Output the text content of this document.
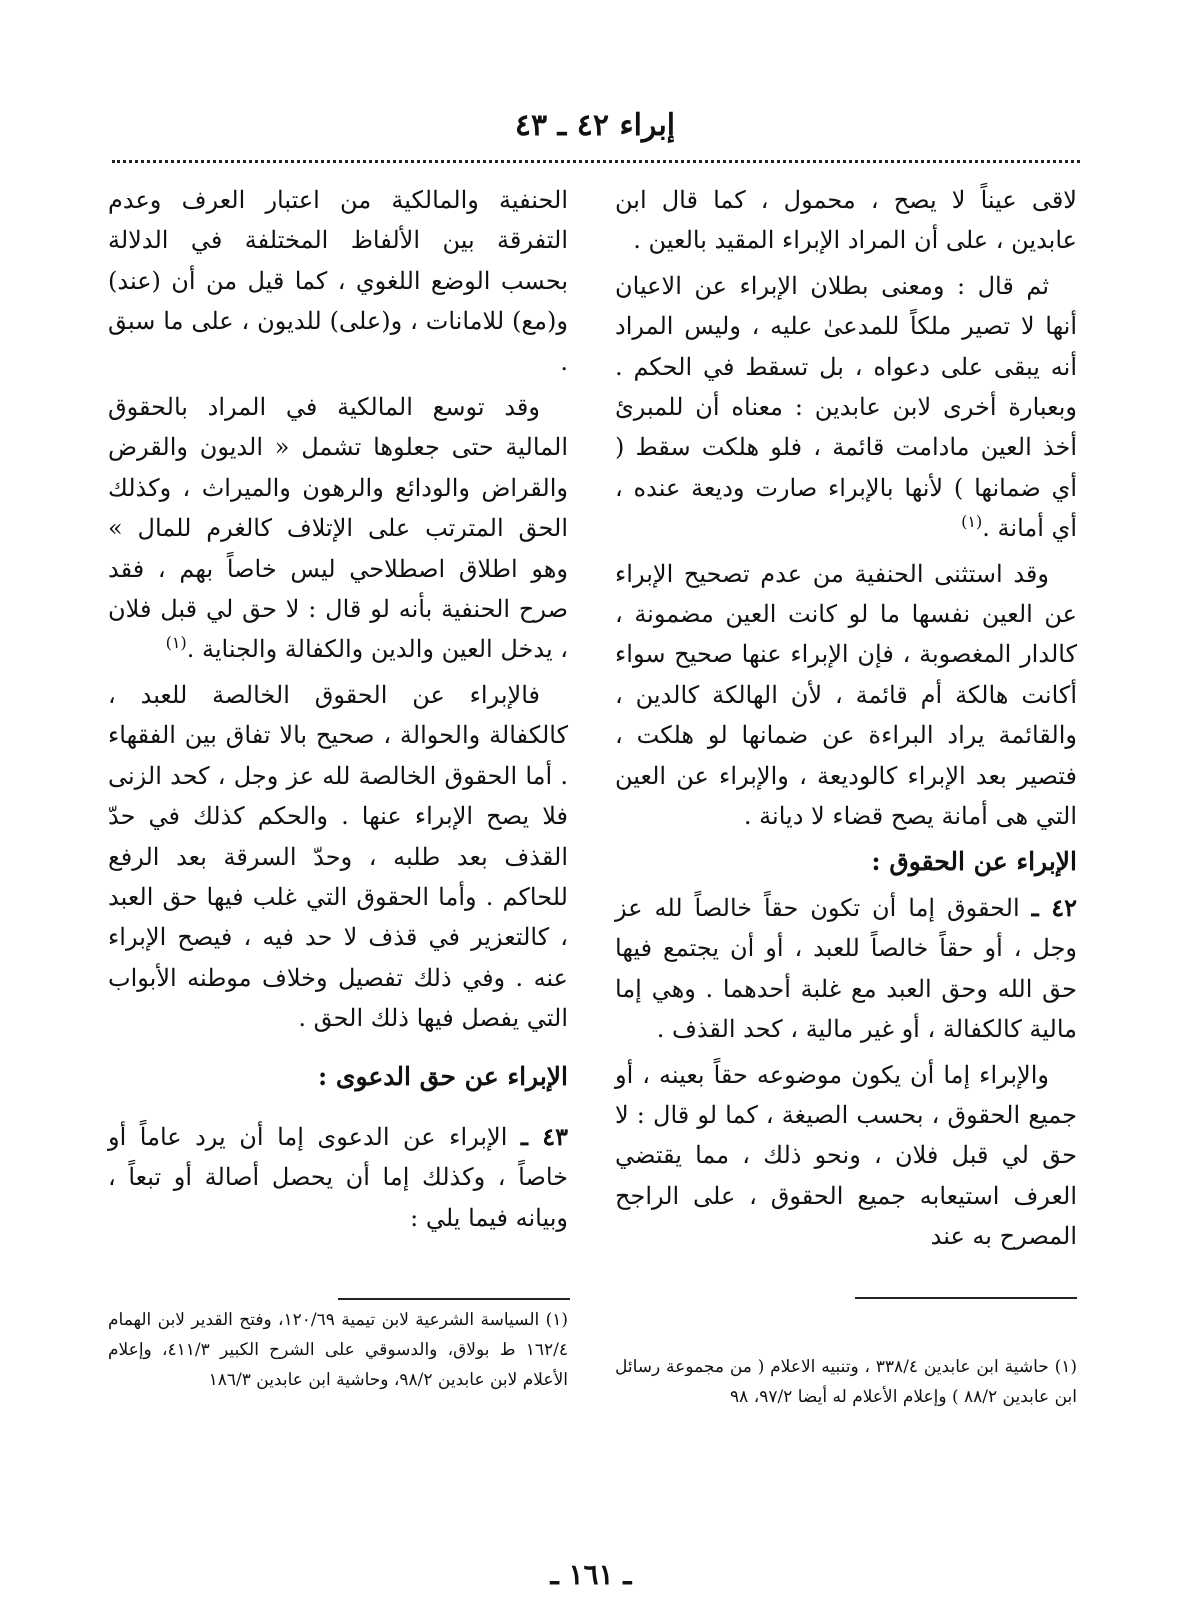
إبراء ٤٢ ـ ٤٣

لاقى عيناً لا يصح ، محمول ، كما قال ابن عابدين ، على أن المراد الإبراء المقيد بالعين .

ثم قال : ومعنى بطلان الإبراء عن الاعيان أنها لا تصير ملكاً للمدعىٰ عليه ، وليس المراد أنه يبقى على دعواه ، بل تسقط في الحكم . وبعبارة أخرى لابن عابدين : معناه أن للمبرئ أخذ العين مادامت قائمة ، فلو هلكت سقط ( أي ضمانها ) لأنها بالإبراء صارت وديعة عنده ، أي أمانة .$^{(١)}$

وقد استثنى الحنفية من عدم تصحيح الإبراء عن العين نفسها ما لو كانت العين مضمونة ، كالدار المغصوبة ، فإن الإبراء عنها صحيح سواء أكانت هالكة أم قائمة ، لأن الهالكة كالدين ، والقائمة يراد البراءة عن ضمانها لو هلكت ، فتصير بعد الإبراء كالوديعة ، والإبراء عن العين التي هى أمانة يصح قضاء لا ديانة .

الإبراء عن الحقوق :

٤٢ ـ الحقوق إما أن تكون حقاً خالصاً لله عز وجل ، أو حقاً خالصاً للعبد ، أو أن يجتمع فيها حق الله وحق العبد مع غلبة أحدهما . وهي إما مالية كالكفالة ، أو غير مالية ، كحد القذف .

والإبراء إما أن يكون موضوعه حقاً بعينه ، أو جميع الحقوق ، بحسب الصيغة ، كما لو قال : لا حق لي قبل فلان ، ونحو ذلك ، مما يقتضي العرف استيعابه جميع الحقوق ، على الراجح المصرح به عند

الحنفية والمالكية من اعتبار العرف وعدم التفرقة بين الألفاظ المختلفة في الدلالة بحسب الوضع اللغوي ، كما قيل من أن (عند) و(مع) للامانات ، و(على) للديون ، على ما سبق .

وقد توسع المالكية في المراد بالحقوق المالية حتى جعلوها تشمل « الديون والقرض والقراض والودائع والرهون والميراث ، وكذلك الحق المترتب على الإتلاف كالغرم للمال » وهو اطلاق اصطلاحي ليس خاصاً بهم ، فقد صرح الحنفية بأنه لو قال : لا حق لي قبل فلان ، يدخل العين والدين والكفالة والجناية .$^{(١)}$

فالإبراء عن الحقوق الخالصة للعبد ، كالكفالة والحوالة ، صحيح بالا تفاق بين الفقهاء . أما الحقوق الخالصة لله عز وجل ، كحد الزنى فلا يصح الإبراء عنها . والحكم كذلك في حدّ القذف بعد طلبه ، وحدّ السرقة بعد الرفع للحاكم . وأما الحقوق التي غلب فيها حق العبد ، كالتعزير في قذف لا حد فيه ، فيصح الإبراء عنه . وفي ذلك تفصيل وخلاف موطنه الأبواب التي يفصل فيها ذلك الحق .

الإبراء عن حق الدعوى :

٤٣ ـ الإبراء عن الدعوى إما أن يرد عاماً أو خاصاً ، وكذلك إما أن يحصل أصالة أو تبعاً ، وبيانه فيما يلي :

(١) حاشية ابن عابدين ٣٣٨/٤ ، وتنبيه الاعلام ( من مجموعة رسائل ابن عابدين ٨٨/٢ ) وإعلام الأعلام له أيضا ٩٧/٢، ٩٨

(١) السياسة الشرعية لابن تيمية ١٢٠/٦٩، وفتح القدير لابن الهمام ١٦٢/٤ ط بولاق، والدسوقي على الشرح الكبير ٤١١/٣، وإعلام الأعلام لابن عابدين ٩٨/٢، وحاشية ابن عابدين ١٨٦/٣

ـ ١٦١ ـ
